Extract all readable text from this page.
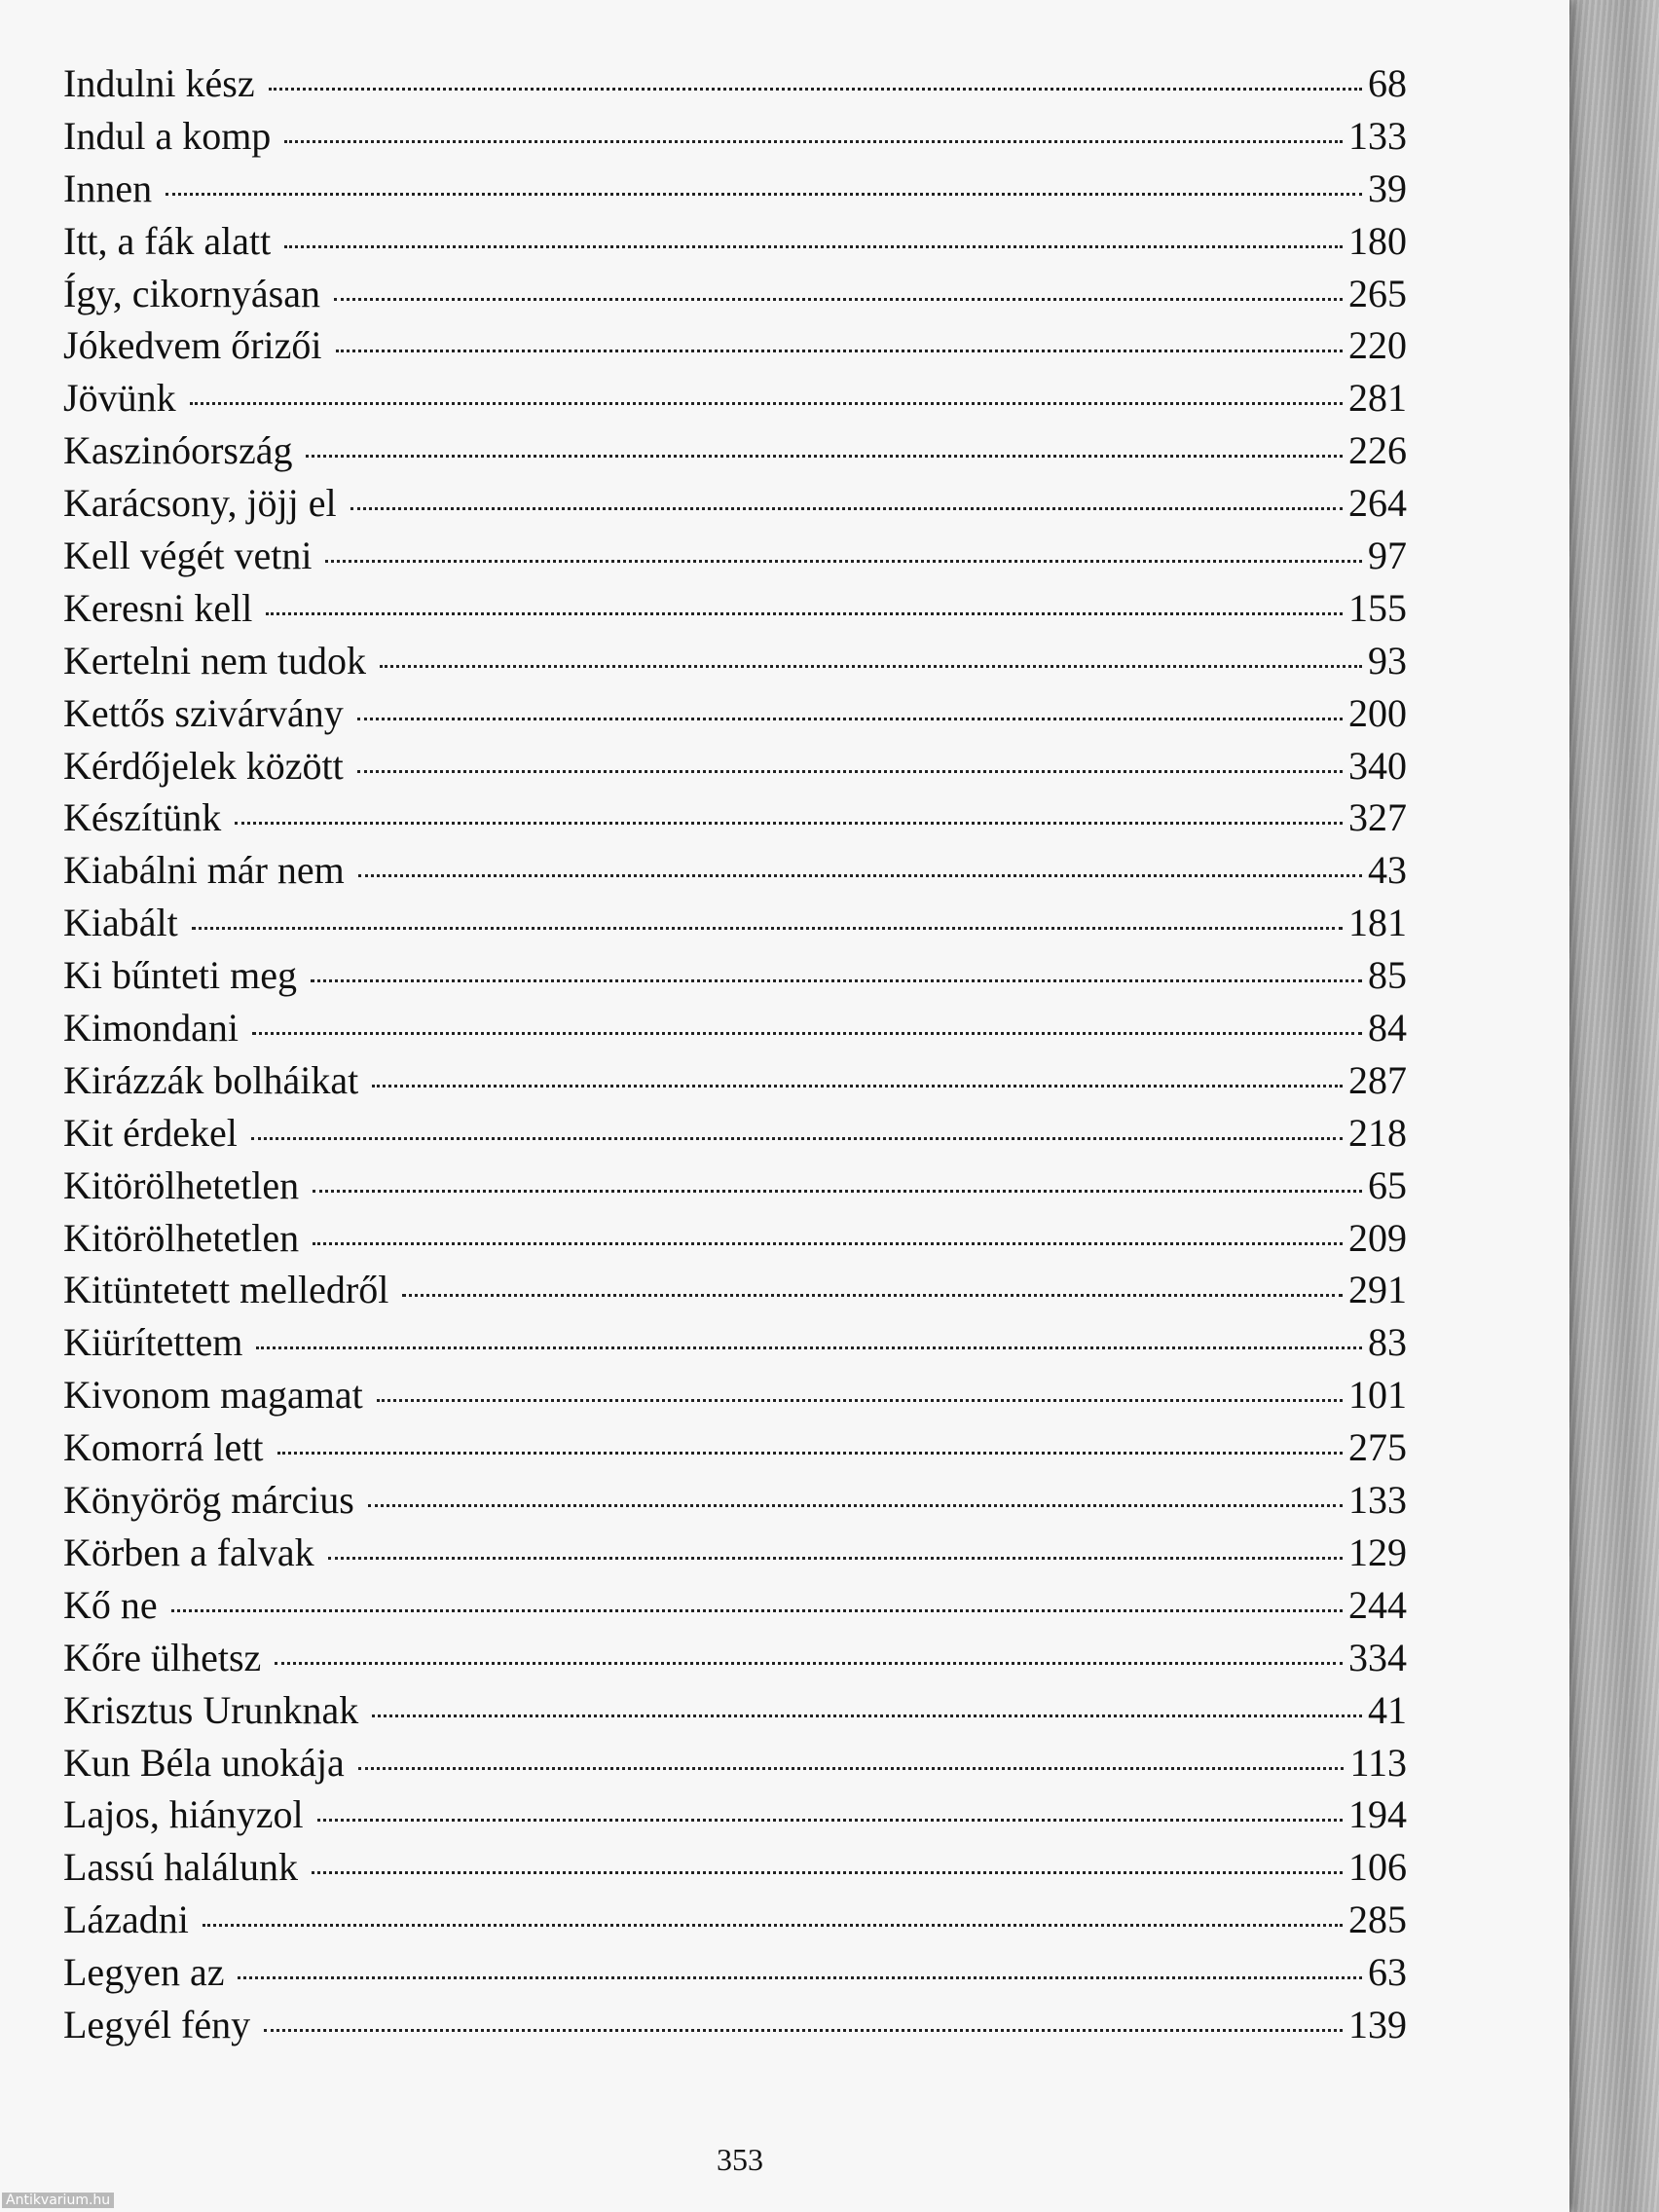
Indulni kész	68
Indul a komp	133
Innen	39
Itt, a fák alatt	180
Így, cikornyásan	265
Jókedvem őrizői	220
Jövünk	281
Kaszinóország	226
Karácsony, jöjj el	264
Kell végét vetni	97
Keresni kell	155
Kertelni nem tudok	93
Kettős szivárvány	200
Kérdőjelek között	340
Készítünk	327
Kiabálni már nem	43
Kiabált	181
Ki bűnteti meg	85
Kimondani	84
Kirázzák bolháikat	287
Kit érdekel	218
Kitörölhetetlen	65
Kitörölhetetlen	209
Kitüntetett melledről	291
Kiürítettem	83
Kivonom magamat	101
Komorrá lett	275
Könyörög március	133
Körben a falvak	129
Kő ne	244
Kőre ülhetsz	334
Krisztus Urunknak	41
Kun Béla unokája	113
Lajos, hiányzol	194
Lassú halálunk	106
Lázadni	285
Legyen az	63
Legyél fény	139
353
Antikvarium.hu
